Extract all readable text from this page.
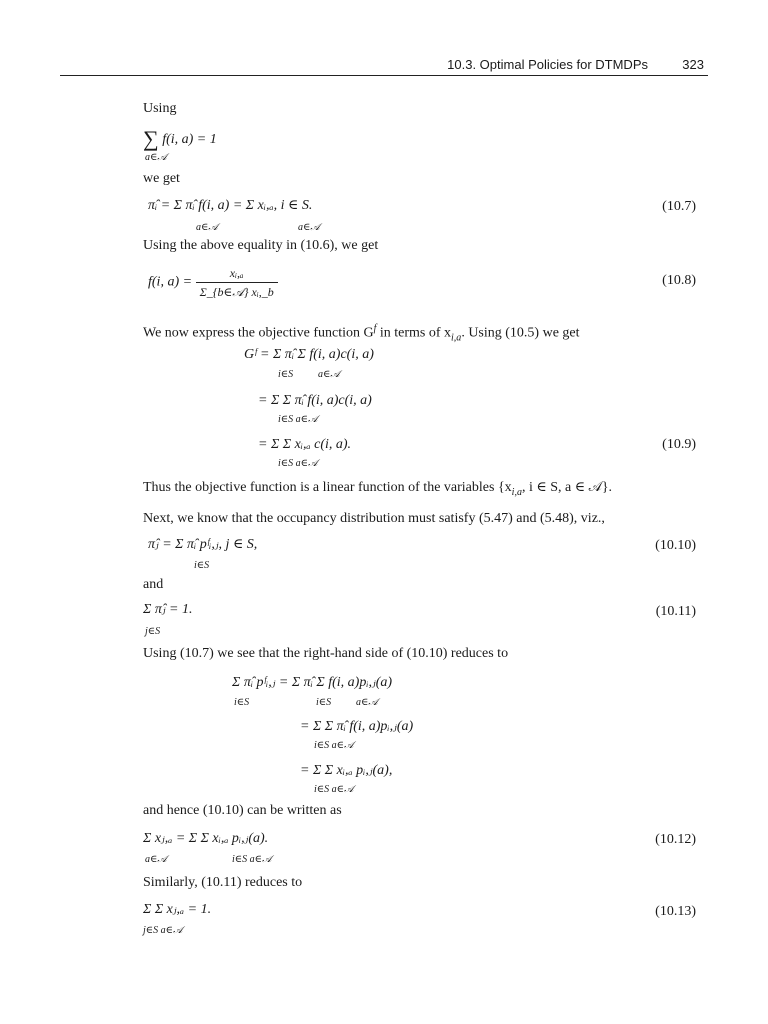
10.3. Optimal Policies for DTMDPs	323
Using
∑ f(i, a) = 1
a∈𝒜
we get
π̂ᵢ = Σ π̂ᵢ f(i, a) = Σ xᵢ,ₐ, i ∈ S.
a∈𝒜	a∈𝒜
(10.7)
Using the above equality in (10.6), we get
f(i, $a) = \frac{\text{xᵢ,ₐ}}{\text{Σ\_\{b∈𝒜\} xᵢ,\_b}}$	(10.8)
We now express the objective function $G^f$ in terms of $x_{i,a}$. Using (10.5) we get
Gᶠ = Σ π̂ᵢ Σ f(i, a)c(i, a)
i∈S a∈𝒜
= Σ Σ π̂ᵢ f(i, a)c(i, a)
i∈S a∈𝒜
= Σ Σ xᵢ,ₐ c(i, a).
i∈S a∈𝒜
(10.9)
Thus the objective function is a linear function of the variables {$x_{i,a}$, i ∈ S, a ∈ 𝒜}.
Next, we know that the occupancy distribution must satisfy (5.47) and (5.48), viz.,
π̂ⱼ = Σ π̂ᵢ pᶠᵢ,ⱼ, j ∈ S,
i∈S
(10.10)
and
Σ π̂ⱼ = 1.
j∈S
(10.11)
Using (10.7) we see that the right-hand side of (10.10) reduces to
Σ π̂ᵢ pᶠᵢ,ⱼ = Σ π̂ᵢ Σ f(i, a)pᵢ,ⱼ(a)
i∈S	i∈S a∈𝒜
= Σ Σ π̂ᵢ f(i, a)pᵢ,ⱼ(a)
i∈S a∈𝒜
= Σ Σ xᵢ,ₐ pᵢ,ⱼ(a),
i∈S a∈𝒜
and hence (10.10) can be written as
Σ xⱼ,ₐ = Σ Σ xᵢ,ₐ pᵢ,ⱼ(a).
a∈𝒜	i∈S a∈𝒜
(10.12)
Similarly, (10.11) reduces to
Σ Σ xⱼ,ₐ = 1.
j∈S a∈𝒜
(10.13)
